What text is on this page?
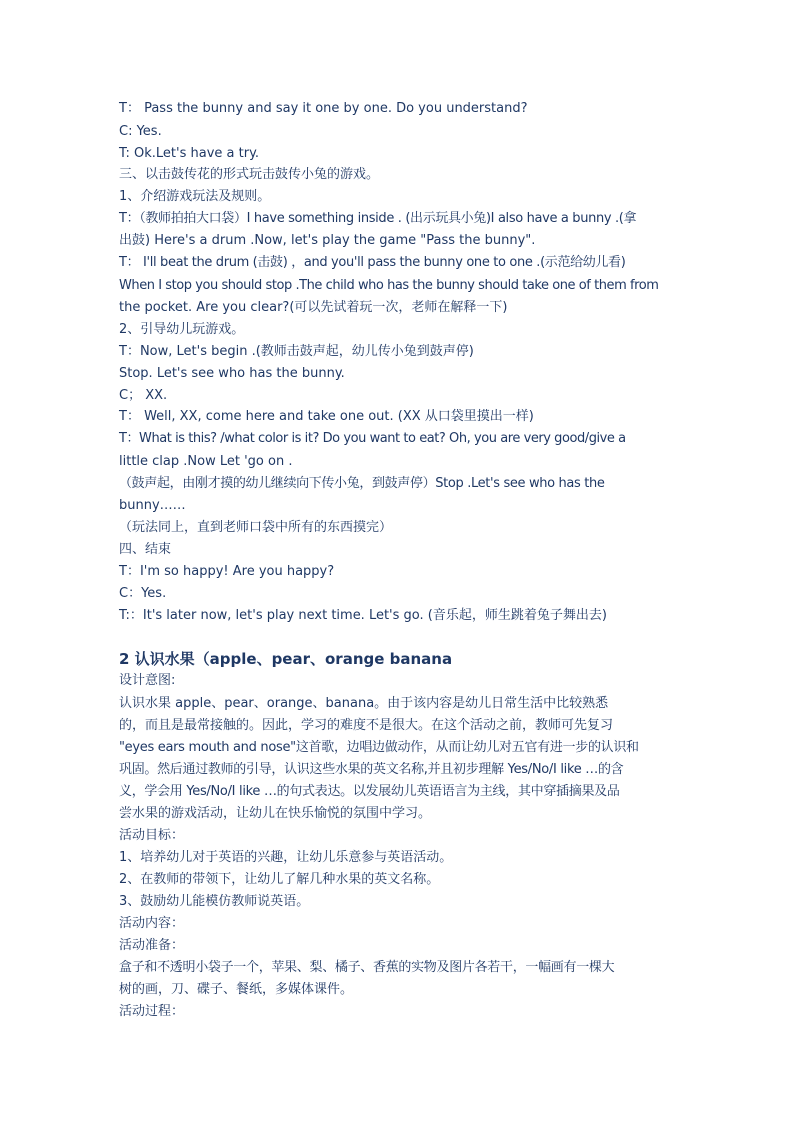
T： Pass the bunny and say it one by one. Do you understand?
C: Yes.
T: Ok.Let's have a try.
三、以击鼓传花的形式玩击鼓传小兔的游戏。
1、介绍游戏玩法及规则。
T：（教师拍拍大口袋）I have something inside . (出示玩具小兔)I also have a bunny .(拿
出鼓) Here's a drum .Now, let's play the game "Pass the bunny".
T： I'll beat the drum (击鼓) ，and you'll pass the bunny one to one .(示范给幼儿看)
When I stop you should stop .The child who has the bunny should take one of them from
the pocket. Are you clear?(可以先试着玩一次，老师在解释一下)
2、引导幼儿玩游戏。
T：Now, Let's begin .(教师击鼓声起，幼儿传小兔到鼓声停)
Stop. Let's see who has the bunny.
C； XX.
T： Well, XX, come here and take one out. (XX 从口袋里摸出一样)
T：What is this? /what color is it? Do you want to eat? Oh, you are very good/give a
little clap .Now Let 'go on .
（鼓声起，由刚才摸的幼儿继续向下传小兔，到鼓声停）Stop .Let's see who has the
bunny……
（玩法同上，直到老师口袋中所有的东西摸完）
四、结束
T：I'm so happy! Are you happy?
C：Yes.
T:：It's later now, let's play next time. Let's go. (音乐起，师生跳着兔子舞出去)
2 认识水果（apple、pear、orange banana
设计意图:
认识水果 apple、pear、orange、banana。由于该内容是幼儿日常生活中比较熟悉
的，而且是最常接触的。因此，学习的难度不是很大。在这个活动之前，教师可先复习
"eyes ears mouth and nose"这首歌，边唱边做动作，从而让幼儿对五官有进一步的认识和
巩固。然后通过教师的引导，认识这些水果的英文名称,并且初步理解 Yes/No/I like …的含
义，学会用 Yes/No/I like …的句式表达。以发展幼儿英语语言为主线，其中穿插摘果及品
尝水果的游戏活动，让幼儿在快乐愉悦的氛围中学习。
活动目标：
1、培养幼儿对于英语的兴趣，让幼儿乐意参与英语活动。
2、在教师的带领下，让幼儿了解几种水果的英文名称。
3、鼓励幼儿能模仿教师说英语。
活动内容：
活动准备：
盒子和不透明小袋子一个，苹果、梨、橘子、香蕉的实物及图片各若干，一幅画有一棵大
树的画，刀、碟子、餐纸，多媒体课件。
活动过程：
